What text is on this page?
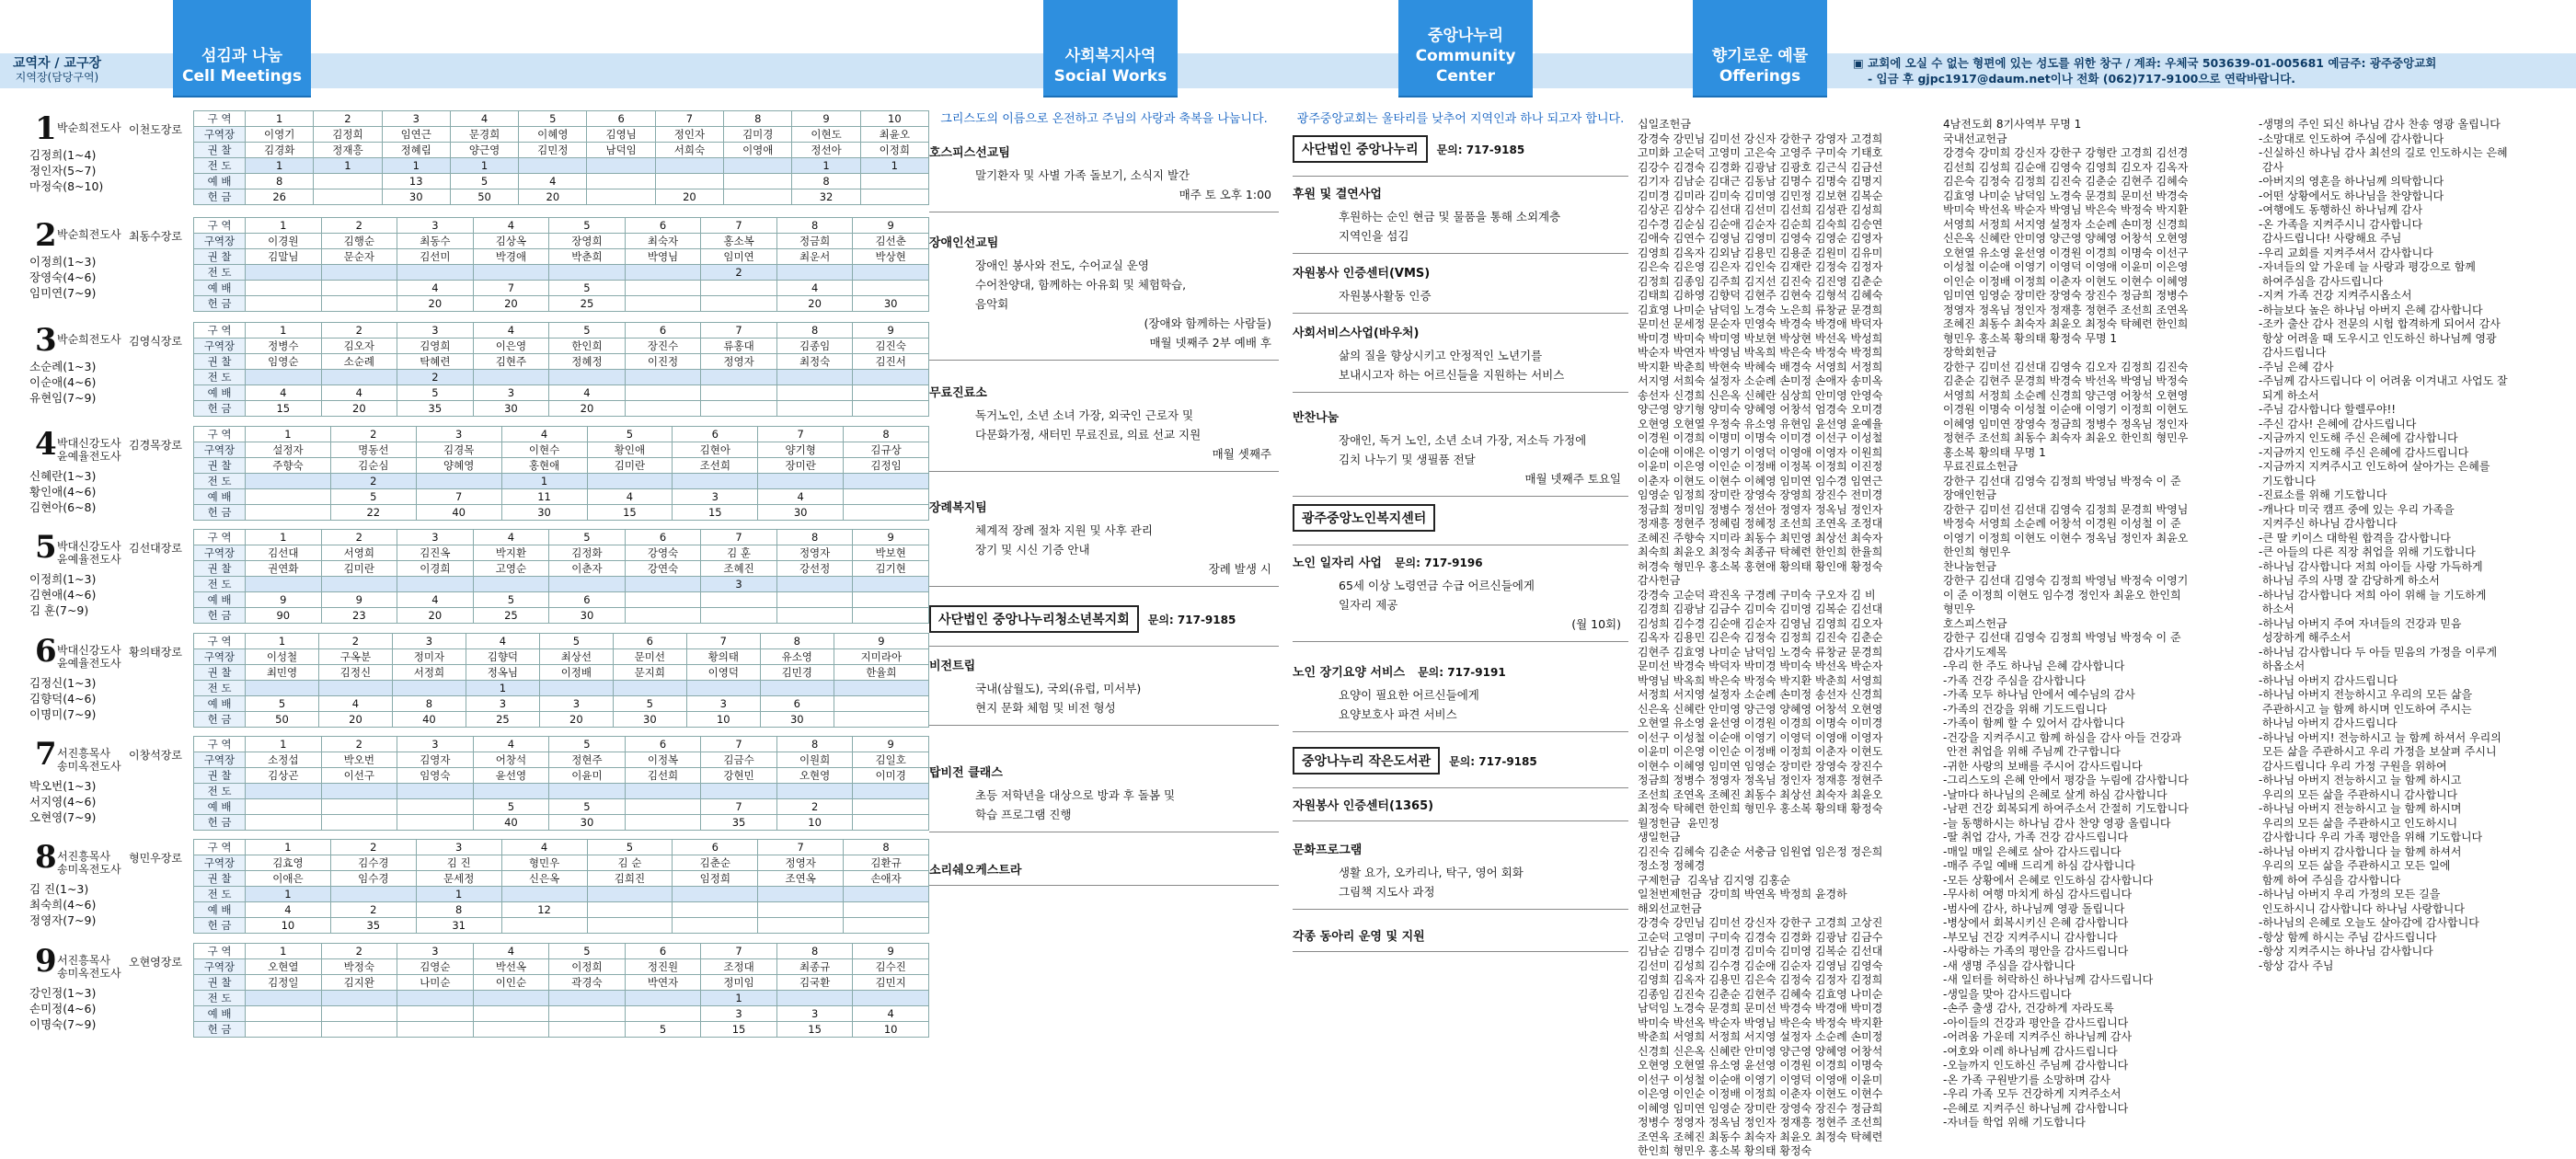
교역자 / 교구장
지역장(담당구역)
섬김과 나눔
Cell Meetings
사회복지사역
Social Works
중앙나누리
Community Center
향기로운 예물
Offerings
▣ 교회에 오실 수 없는 형편에 있는 성도를 위한 창구 / 계좌: 우체국 503639-01-005681 예금주: 광주중앙교회
- 입금 후 gjpc1917@daum.net이나 전화 (062)717-9100으로 연락바랍니다.
1 박순희전도사 이천도장로
김정희(1~4)
정인자(5~7)
마정숙(8~10)
구 역	1	2	3	4	5	6	7	8	9	10
구역장	이영기	김정희	임연근	문경희	이혜영	김영님	정인자	김미경	이현도	최윤오
권 찰	김경화	정재흥	정혜림	양근영	김민정	남덕임	서희숙	이영애	정선아	이정희
전 도	1	1	1	1					1	1
예 배	8		13	5	4				8	
헌 금	26		30	50	20		20		32	
2 박순희전도사 최동수장로
이정희(1~3)
장영숙(4~6)
임미연(7~9)
구 역	1	2	3	4	5	6	7	8	9
구역장	이경원	김행순	최동수	김상옥	장영희	최숙자	홍소복	정금희	김선춘
권 찰	김말님	문순자	김선미	박경애	박춘희	박영님	임미연	최운서	박상현
전 도							2		
예 배			4	7	5			4	
헌 금			20	20	25			20	30
3 박순희전도사 김영식장로
소순례(1~3)
이순애(4~6)
유현임(7~9)
구 역	1	2	3	4	5	6	7	8	9
구역장	정병수	김오자	김영희	이은영	한인희	장진수	류홍대	김종임	김진숙
권 찰	임영순	소순례	탁혜련	김현주	정혜정	이진정	정영자	최정숙	김진서
전 도			2						
예 배	4	4	5	3	4				
헌 금	15	20	35	30	20				
4 박대신강도사
윤예율전도사
김경목장로
신혜란(1~3)
황인애(4~6)
김현아(6~8)
구 역	1	2	3	4	5	6	7	8
구역장	설정자	명동선	김경목	이현수	황인애	김현아	양기형	김규상
권 찰	주향숙	김순심	양혜영	홍현애	김미란	조선희	장미란	김정임
전 도		2		1				
예 배		5	7	11	4	3	4	
헌 금		22	40	30	15	15	30	
5 박대신강도사
윤예율전도사
김선대장로
이정희(1~3)
김현애(4~6)
김 훈(7~9)
구 역	1	2	3	4	5	6	7	8	9
구역장	김선대	서영희	김진옥	박지환	김정화	강영숙	김 훈	정영자	박보현
권 찰	권연화	김미란	이경희	고영순	이춘자	강연숙	조혜진	강선정	김기현
전 도							3		
예 배	9	9	4	5	6				
헌 금	90	23	20	25	30				
6 박대신강도사
윤예율전도사
황의태장로
김정신(1~3)
김향덕(4~6)
이명미(7~9)
구 역	1	2	3	4	5	6	7	8	9
구역장	이성철	구옥분	정미자	김향덕	최상선	문미선	황의태	유소영	지미라아
권 찰	최민영	김정신	서정희	정옥님	이정배	문지희	이영덕	김민경	한율희
전 도				1					
예 배	5	4	8	3	3	5	3	6	
헌 금	50	20	40	25	20	30	10	30	
7 서진흥목사
송미옥전도사
이창석장로
박오번(1~3)
서지영(4~6)
오현영(7~9)
구 역	1	2	3	4	5	6	7	8	9
구역장	소정섭	박오번	김영자	어창석	정현주	이정복	김금수	이원희	김일호
권 찰	김상곤	이선구	임영숙	윤선영	이윤미	김선희	강현민	오현영	이미경
전 도									
예 배				5	5		7	2	
헌 금				40	30		35	10	
8 서진흥목사
송미옥전도사
형민우장로
김 진(1~3)
최숙희(4~6)
정영자(7~9)
구 역	1	2	3	4	5	6	7	8
구역장	김효영	김수경	김 진	형민우	김 순	김춘순	정영자	김환규
권 찰	이애은	임수경	문세정	신은옥	김희진	임정희	조연옥	손애자
전 도	1		1					
예 배	4	2	8	12				
헌 금	10	35	31					
9 서진흥목사
송미옥전도사
오현영장로
강인정(1~3)
손미정(4~6)
이명숙(7~9)
구 역	1	2	3	4	5	6	7	8	9
구역장	오현열	박정숙	김영순	박선옥	이정희	정진원	조정대	최종규	김수진
권 찰	김정일	김지완	나미순	이인순	곽경숙	박연자	정미임	김국환	김민지
전 도							1		
예 배							3	3	4
헌 금						5	15	15	10
그리스도의 이름으로 온전하고 주님의 사랑과 축복을 나눕니다.
호스피스선교팀
말기환자 및 사별 가족 돌보기, 소식지 발간
매주 토 오후 1:00
장애인선교팀
장애인 봉사와 전도, 수어교실 운영
수어찬양대, 함께하는 아유회 및 체험학습,
음악회
(장애와 함께하는 사람들)
매월 넷째주 2부 예배 후
무료진료소
독거노인, 소년 소녀 가장, 외국인 근로자 및
다문화가정, 새터민 무료진료, 의료 선교 지원
매월 셋째주
장례복지팀
체계적 장례 절차 지원 및 사후 관리
장기 및 시신 기증 안내
장례 발생 시
사단법인 중앙나누리청소년복지회 문의: 717-9185
비전트립
국내(삼월도), 국외(유럽, 미서부)
현지 문화 체험 및 비전 형성
탑비전 클래스
초등 저학년을 대상으로 방과 후 돌봄 및
학습 프로그램 진행
소리쉐오케스트라
광주중앙교회는 울타리를 낮추어 지역인과 하나 되고자 합니다.
사단법인 중앙나누리 문의: 717-9185
후원 및 결연사업
후원하는 순인 현금 및 물품을 통해 소외계층
지역인을 섬김
자원봉사 인증센터(VMS)
자원봉사활동 인증
사회서비스사업(바우처)
삶의 질을 향상시키고 안정적인 노년기를
보내시고자 하는 어르신들을 지원하는 서비스
반찬나눔
장애인, 독거 노인, 소년 소녀 가장, 저소득 가정에
김치 나누기 및 생필품 전달
매월 넷째주 토요일
광주중앙노인복지센터
노인 일자리 사업 문의: 717-9196
65세 이상 노령연금 수급 어르신들에게
일자리 제공
(월 10회)
노인 장기요양 서비스 문의: 717-9191
요양이 필요한 어르신들에게
요양보호사 파견 서비스
중앙나누리 작은도서관 문의: 717-9185
자원봉사 인증센터(1365)
문화프로그램
생활 요가, 오카리나, 탁구, 영어 회화
그림책 지도사 과정
각종 동아리 운영 및 지원
십일조헌금
강경숙 강민님 김미선 강신자 강한구 강영자 고경희
고미화 고순덕 고영미 고은숙 고영주 구미숙 기태호
김강수 김경숙 김경화 김광남 김광호 김근식 김금선
김기자 김남순 김대근 김동남 김명수 김명숙 김명지
김미경 김미라 김미숙 김미영 김민정 김보현 김복순
김상곤 김상수 김선대 김선미 김선희 김성관 김성희
김수경 김순심 김순애 김순자 김순희 김숙희 김승연
김애숙 김연수 김영님 김영미 김영숙 김영순 김영자
김영희 김옥자 김외남 김용민 김용준 김원미 김유미
김은숙 김은영 김은자 김인숙 김재란 김정숙 김정자
김정희 김종임 김주희 김지선 김진숙 김진영 김춘순
김태희 김하영 김향덕 김현주 김현숙 김형석 김혜숙
김효영 나미순 남덕임 노경숙 노은희 류창균 문경희
문미선 문세정 문순자 민영숙 박경숙 박경애 박덕자
박미경 박미숙 박미영 박보현 박상현 박선옥 박성희
박순자 박연자 박영님 박옥희 박은숙 박정숙 박정희
박지환 박춘희 박현숙 박혜숙 배경숙 서영희 서정희
서지영 서희숙 설정자 소순례 손미정 손애자 송미옥
송선자 신경희 신은옥 신혜란 심상희 안미영 안영숙
양근영 양기형 양미숙 양혜영 어창석 엄경숙 오미경
오현영 오현열 우정숙 유소영 유현임 윤선영 윤예율
이경원 이경희 이명미 이명숙 이미경 이선구 이성철
이순애 이애은 이영기 이영덕 이영애 이영자 이원희
이윤미 이은영 이인순 이정배 이정복 이정희 이진정
이춘자 이현도 이현수 이혜영 임미연 임수경 임연근
임영순 임정희 장미란 장영숙 장영희 장진수 전미경
정금희 정미임 정병수 정선아 정영자 정옥님 정인자
정재흥 정현주 정혜림 정혜정 조선희 조연옥 조정대
조혜진 주향숙 지미라 최동수 최민영 최상선 최숙자
최숙희 최윤오 최정숙 최종규 탁혜련 한인희 한율희
허경숙 형민우 홍소복 홍현애 황의태 황인애 황정숙
감사헌금
강경숙 고순덕 곽진옥 구경례 구미숙 구오자 김 비
김경희 김광남 김금수 김미숙 김미영 김복순 김선대
김성희 김수경 김순애 김순자 김영님 김영희 김오자
김옥자 김용민 김은숙 김정숙 김정희 김진숙 김춘순
김현주 김효영 나미순 남덕임 노경숙 류창균 문경희
문미선 박경숙 박덕자 박미경 박미숙 박선옥 박순자
박영님 박옥희 박은숙 박정숙 박지환 박춘희 서영희
서정희 서지영 설정자 소순례 손미정 송선자 신경희
신은옥 신혜란 안미영 양근영 양혜영 어창석 오현영
오현열 유소영 윤선영 이경원 이경희 이명숙 이미경
이선구 이성철 이순애 이영기 이영덕 이영애 이영자
이윤미 이은영 이인순 이정배 이정희 이춘자 이현도
이현수 이혜영 임미연 임영순 장미란 장영숙 장진수
정금희 정병수 정영자 정옥님 정인자 정재흥 정현주
조선희 조연옥 조혜진 최동수 최상선 최숙자 최윤오
최정숙 탁혜련 한인희 형민우 홍소복 황의태 황정숙
월정헌금  윤민정
생일헌금
김진숙 김혜숙 김춘순 서충금 임원엽 임은정 정은희
정소정 정혜경
구제헌금  김옥남 김지영 김홍순
일천번제헌금  강미희 박연옥 박정희 윤경하
해외선교헌금
강경숙 강민님 김미선 강신자 강한구 고경희 고상진
고순덕 고영미 구미숙 김경숙 김경화 김광남 김금수
김남순 김명수 김미경 김미숙 김미영 김복순 김선대
김선미 김성희 김수경 김순애 김순자 김영님 김영숙
김영희 김옥자 김용민 김은숙 김정숙 김정자 김정희
김종임 김진숙 김춘순 김현주 김혜숙 김효영 나미순
남덕임 노경숙 문경희 문미선 박경숙 박경애 박미경
박미숙 박선옥 박순자 박영님 박은숙 박정숙 박지환
박춘희 서영희 서정희 서지영 설정자 소순례 손미정
신경희 신은옥 신혜란 안미영 양근영 양혜영 어창석
오현영 오현열 유소영 윤선영 이경원 이경희 이명숙
이선구 이성철 이순애 이영기 이영덕 이영애 이윤미
이은영 이인순 이정배 이정희 이춘자 이현도 이현수
이혜영 임미연 임영순 장미란 장영숙 장진수 정금희
정병수 정영자 정옥님 정인자 정재흥 정현주 조선희
조연옥 조혜진 최동수 최숙자 최윤오 최정숙 탁혜련
한인희 형민우 홍소복 황의태 황정숙
4남전도회 8기사역부 무명 1
국내선교헌금
강경숙 강미희 강신자 강한구 강형란 고경희 김선경
김선희 김성희 김순애 김영숙 김영희 김오자 김옥자
김은숙 김정숙 김정희 김진숙 김춘순 김현주 김혜숙
김효영 나미순 남덕임 노경숙 문경희 문미선 박경숙
박미숙 박선옥 박순자 박영님 박은숙 박정숙 박지환
서영희 서정희 서지영 설정자 소순례 손미정 신경희
신은옥 신혜란 안미영 양근영 양혜영 어창석 오현영
오현열 유소영 윤선영 이경원 이경희 이명숙 이선구
이성철 이순애 이영기 이영덕 이영애 이윤미 이은영
이인순 이정배 이정희 이춘자 이현도 이현수 이혜영
임미연 임영순 장미란 장영숙 장진수 정금희 정병수
정영자 정옥님 정인자 정재흥 정현주 조선희 조연옥
조혜진 최동수 최숙자 최윤오 최정숙 탁혜련 한인희
형민우 홍소복 황의태 황정숙 무명 1
장학회헌금
강한구 김미선 김선대 김영숙 김오자 김정희 김진숙
김춘순 김현주 문경희 박경숙 박선옥 박영님 박정숙
서영희 서정희 소순례 신경희 양근영 어창석 오현영
이경원 이명숙 이성철 이순애 이영기 이정희 이현도
이혜영 임미연 장영숙 정금희 정병수 정옥님 정인자
정현주 조선희 최동수 최숙자 최윤오 한인희 형민우
홍소복 황의태 무명 1
무료진료소헌금
강한구 김선대 김영숙 김정희 박영님 박정숙 이 준
장애인헌금
강한구 김미선 김선대 김영숙 김정희 문경희 박영님
박정숙 서영희 소순례 어창석 이경원 이성철 이 준
이영기 이정희 이현도 이현수 정옥님 정인자 최윤오
한인희 형민우
찬나눔헌금
강한구 김선대 김영숙 김정희 박영님 박정숙 이영기
이 준 이정희 이현도 임수경 정인자 최윤오 한인희
형민우
호스피스헌금
강한구 김선대 김영숙 김정희 박영님 박정숙 이 준
감사기도제목
-우리 한 주도 하나님 은혜 감사합니다
-가족 건강 주심을 감사합니다
-가족 모두 하나님 안에서 예수님의 감사
-가족의 건강을 위해 기도드립니다
-가족이 함께 할 수 있어서 감사합니다
-건강을 지켜주시고 함께 하심을 감사 아들 건강과
안전 취업을 위해 주님께 간구합니다
-귀한 사랑의 보배를 주시어 감사드립니다
-그리스도의 은혜 안에서 평강을 누림에 감사합니다
-날마다 하나님의 은혜로 살게 하심 감사합니다
-남편 건강 회복되게 하여주소서 간절히 기도합니다
-늘 동행하시는 하나님 감사 찬양 영광 올립니다
-딸 취업 감사, 가족 건강 감사드립니다
-매일 매일 은혜로 살아 감사드립니다
-매주 주일 예배 드리게 하심 감사합니다
-모든 상황에서 은혜로 인도하심 감사합니다
-무사히 여행 마치게 하심 감사드립니다
-범사에 감사, 하나님께 영광 돌립니다
-병상에서 회복시키신 은혜 감사합니다
-부모님 건강 지켜주시니 감사합니다
-사랑하는 가족의 평안을 감사드립니다
-새 생명 주심을 감사합니다
-새 일터를 허락하신 하나님께 감사드립니다
-생일을 맞아 감사드립니다
-손주 출생 감사, 건강하게 자라도록
-아이들의 건강과 평안을 감사드립니다
-어려움 가운데 지켜주신 하나님께 감사
-여호와 이레 하나님께 감사드립니다
-오늘까지 인도하신 주님께 감사합니다
-온 가족 구원받기를 소망하며 감사
-우리 가족 모두 건강하게 지켜주소서
-은혜로 지켜주신 하나님께 감사합니다
-자녀들 학업 위해 기도합니다
-생명의 주인 되신 하나님 감사 찬송 영광 올립니다
-소망대로 인도하여 주심에 감사합니다
-신실하신 하나님 감사 최선의 길로 인도하시는 은혜
감사
-아버지의 영혼을 하나님께 의탁합니다
-어떤 상황에서도 하나님을 찬양합니다
-여행에도 동행하신 하나님께 감사
-온 가족을 지켜주시니 감사합니다
감사드립니다! 사랑해요 주님
-우리 교회를 지켜주셔서 감사합니다
-자녀들의 앞 가운데 늘 사랑과 평강으로 함께
하여주심을 감사드립니다
-지켜 가족 건강 지켜주시옵소서
-하늘보다 높은 하나님 아버지 은혜 감사합니다
-조카 출산 감사 전문의 시험 합격하게 되어서 감사
항상 어려울 때 도우시고 인도하신 하나님께 영광
감사드립니다
-주님 은혜 감사
-주님께 감사드립니다 이 어려움 이겨내고 사업도 잘
되게 하소서
-주님 감사합니다 할렐루야!!
-주신 감사! 은혜에 감사드립니다
-지금까지 인도해 주신 은혜에 감사합니다
-지금까지 인도해 주신 은혜에 감사드립니다
-지금까지 지켜주시고 인도하여 살아가는 은혜를
기도합니다
-진료소를 위해 기도합니다
-캐나다 미국 캠프 중에 있는 우리 가족을
지켜주신 하나님 감사합니다
-큰 딸 키이스 대학원 합격을 감사합니다
-큰 아들의 다른 직장 취업을 위해 기도합니다
-하나님 감사합니다 저희 아이들 사랑 가득하게
하나님 주의 사명 잘 감당하게 하소서
-하나님 감사합니다 저희 아이 위해 늘 기도하게
하소서
-하나님 아버지 주여 자녀들의 건강과 믿음
성장하게 해주소서
-하나님 감사합니다 두 아들 믿음의 가정을 이루게
하옵소서
-하나님 아버지 감사드립니다
-하나님 아버지 전능하시고 우리의 모든 삶을
주관하시고 늘 함께 하시며 인도하여 주시는
하나님 아버지 감사드립니다
-하나님 아버지! 전능하시고 늘 함께 하셔서 우리의
모든 삶을 주관하시고 우리 가정을 보살펴 주시니
감사드립니다 우리 가정 구원을 위하여
-하나님 아버지 전능하시고 늘 함께 하시고
우리의 모든 삶을 주관하시니 감사합니다
-하나님 아버지 전능하시고 늘 함께 하시며
우리의 모든 삶을 주관하시고 인도하시니
감사합니다 우리 가족 평안을 위해 기도합니다
-하나님 아버지 감사합니다 늘 함께 하셔서
우리의 모든 삶을 주관하시고 모든 일에
함께 하여 주심을 감사합니다
-하나님 아버지 우리 가정의 모든 길을
인도하시니 감사합니다 하나님 사랑합니다
-하나님의 은혜로 오늘도 살아감에 감사합니다
-항상 함께 하시는 주님 감사드립니다
-항상 지켜주시는 하나님 감사합니다
-항상 감사 주님
